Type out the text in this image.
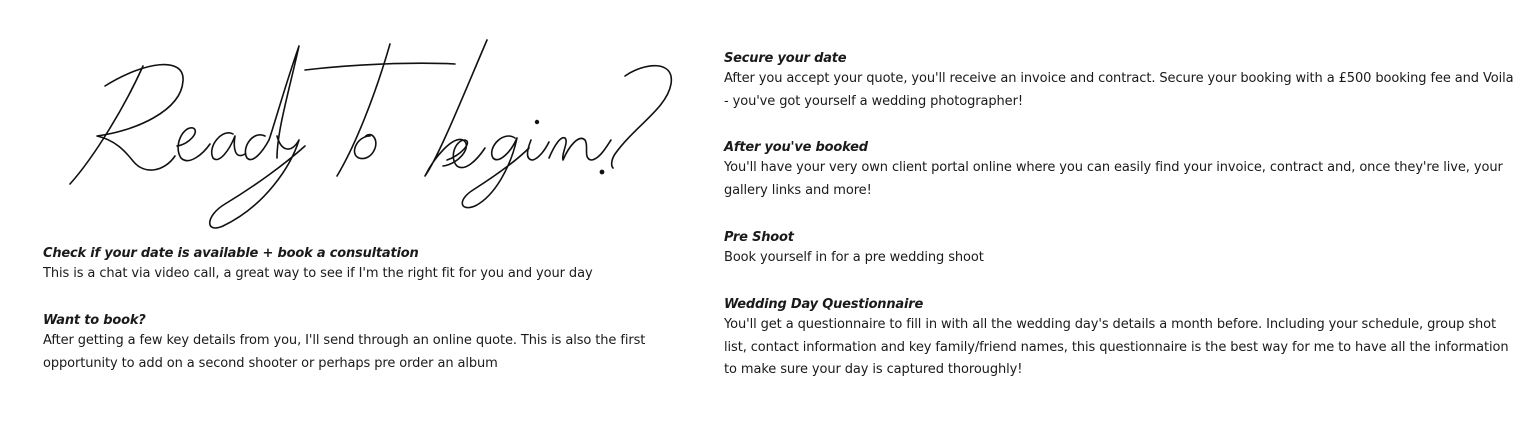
Check if your date is available + book a consultation

This is a chat via video call, a great way to see if I'm the right fit for you and your day

Want to book?

After getting a few key details from you, I'll send through an online quote. This is also the first opportunity to add on a second shooter or perhaps pre order an album

Secure your date

After you accept your quote, you'll receive an invoice and contract. Secure your booking with a £500 booking fee and Voila - you've got yourself a wedding photographer!

After you've booked

You'll have your very own client portal online where you can easily find your invoice, contract and, once they're live, your gallery links and more!

Pre Shoot

Book yourself in for a pre wedding shoot

Wedding Day Questionnaire

You'll get a questionnaire to fill in with all the wedding day's details a month before. Including your schedule, group shot list, contact information and key family/friend names, this questionnaire is the best way for me to have all the information to make sure your day is captured thoroughly!
